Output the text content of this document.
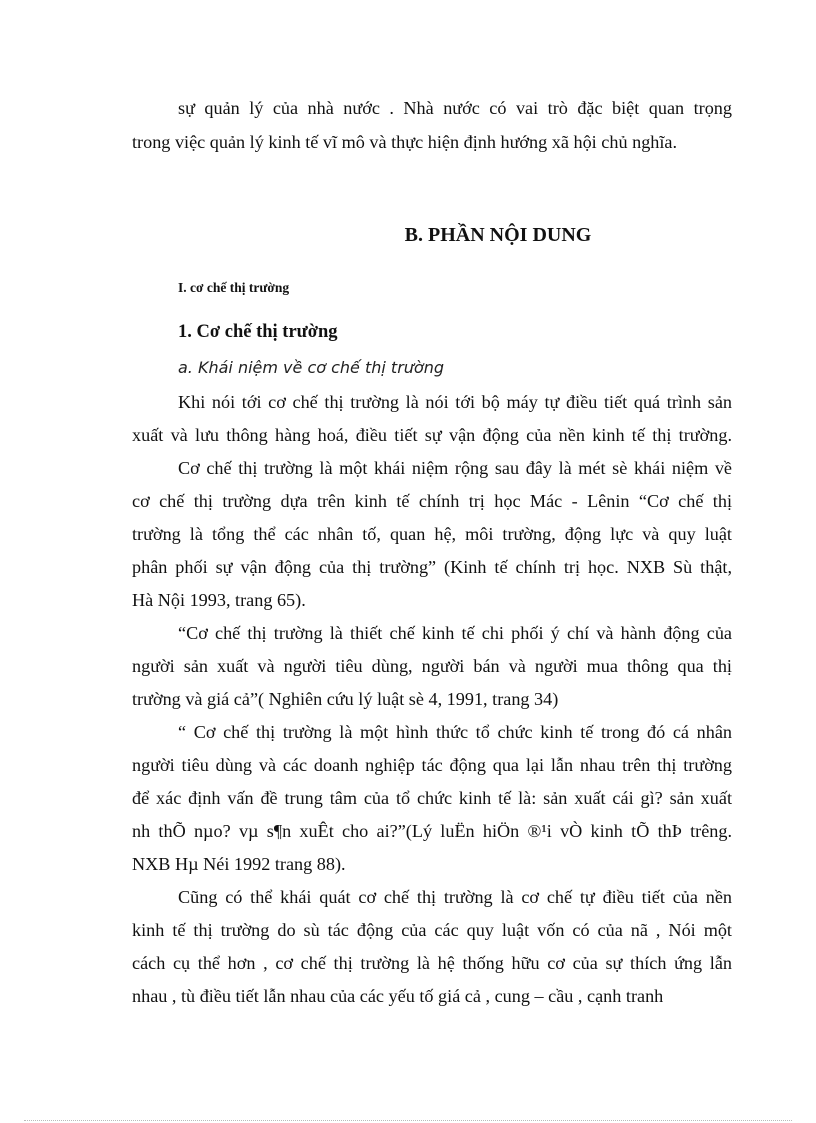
sự quản lý của nhà nước . Nhà nước có vai trò đặc biệt quan trọng
trong việc quản lý kinh tế vĩ mô và thực hiện định hướng xã hội chủ nghĩa.
B. PHẦN NỘI DUNG
I. cơ chế thị trường
1. Cơ chế thị trường
a. Khái niệm về cơ chế thị trường
Khi nói tới cơ chế thị trường là nói tới bộ máy tự điều tiết quá trình sản
xuất và lưu thông hàng hoá, điều tiết sự vận động của nền kinh tế thị trường.
Cơ chế thị trường là một khái niệm rộng sau đây là mét sè khái niệm về
cơ chế thị trường dựa trên kinh tế chính trị học Mác - Lênin “Cơ chế thị
trường là tổng thể các nhân tố, quan hệ, môi trường, động lực và quy luật
phân phối sự vận động của thị trường” (Kinh tế chính trị học. NXB Sù thật,
Hà Nội 1993, trang 65).
“Cơ chế thị trường là thiết chế kinh tế chi phối ý chí và hành động của
người sản xuất và người tiêu dùng, người bán và người mua thông qua thị
trường và giá cả”( Nghiên cứu lý luật sè 4, 1991, trang 34)
“ Cơ chế thị trường là một hình thức tổ chức kinh tế trong đó cá nhân
người tiêu dùng và các doanh nghiệp tác động qua lại lẫn nhau trên thị trường
để xác định vấn đề trung tâm của tổ chức kinh tế là: sản xuất cái gì? sản xuất
nh thÕ nµo? vµ s¶n xuÊt cho ai?”(Lý luËn hiÖn ®¹i vÒ kinh tÕ thÞ trêng.
NXB Hµ Néi 1992 trang 88).
Cũng có thể khái quát cơ chế thị trường là cơ chế tự điều tiết của nền
kinh tế thị trường do sù tác động của các quy luật vốn có của nã , Nói một
cách cụ thể hơn , cơ chế thị trường là hệ thống hữu cơ của sự thích ứng lẫn
nhau , tù điều tiết lẫn nhau của các yếu tố giá cả , cung – cầu , cạnh tranh
